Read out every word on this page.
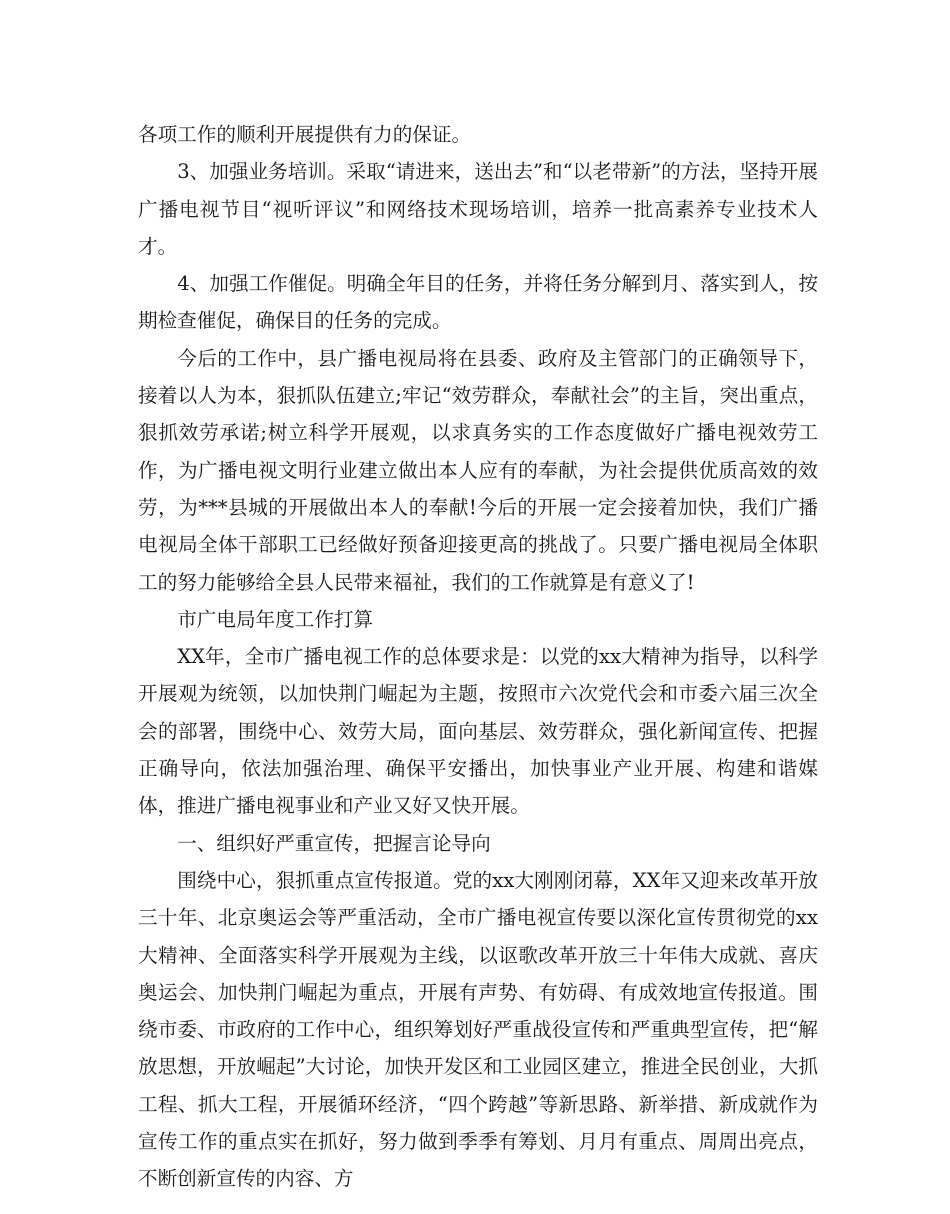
各项工作的顺利开展提供有力的保证。

3、加强业务培训。采取“请进来，送出去”和“以老带新”的方法，坚持开展广播电视节目“视听评议”和网络技术现场培训，培养一批高素养专业技术人才。

4、加强工作催促。明确全年目的任务，并将任务分解到月、落实到人，按期检查催促，确保目的任务的完成。

今后的工作中，县广播电视局将在县委、政府及主管部门的正确领导下，接着以人为本，狠抓队伍建立;牢记“效劳群众，奉献社会”的主旨，突出重点，狠抓效劳承诺;树立科学开展观，以求真务实的工作态度做好广播电视效劳工作，为广播电视文明行业建立做出本人应有的奉献，为社会提供优质高效的效劳，为***县城的开展做出本人的奉献!今后的开展一定会接着加快，我们广播电视局全体干部职工已经做好预备迎接更高的挑战了。只要广播电视局全体职工的努力能够给全县人民带来福祉，我们的工作就算是有意义了!

市广电局年度工作打算

XX年，全市广播电视工作的总体要求是：以党的xx大精神为指导，以科学开展观为统领，以加快荆门崛起为主题，按照市六次党代会和市委六届三次全会的部署，围绕中心、效劳大局，面向基层、效劳群众，强化新闻宣传、把握正确导向，依法加强治理、确保平安播出，加快事业产业开展、构建和谐媒体，推进广播电视事业和产业又好又快开展。

一、组织好严重宣传，把握言论导向

围绕中心，狠抓重点宣传报道。党的xx大刚刚闭幕，XX年又迎来改革开放三十年、北京奥运会等严重活动，全市广播电视宣传要以深化宣传贯彻党的xx大精神、全面落实科学开展观为主线，以讴歌改革开放三十年伟大成就、喜庆奥运会、加快荆门崛起为重点，开展有声势、有妨碍、有成效地宣传报道。围绕市委、市政府的工作中心，组织筹划好严重战役宣传和严重典型宣传，把“解放思想，开放崛起”大讨论，加快开发区和工业园区建立，推进全民创业，大抓工程、抓大工程，开展循环经济，“四个跨越”等新思路、新举措、新成就作为宣传工作的重点实在抓好，努力做到季季有筹划、月月有重点、周周出亮点，不断创新宣传的内容、方
